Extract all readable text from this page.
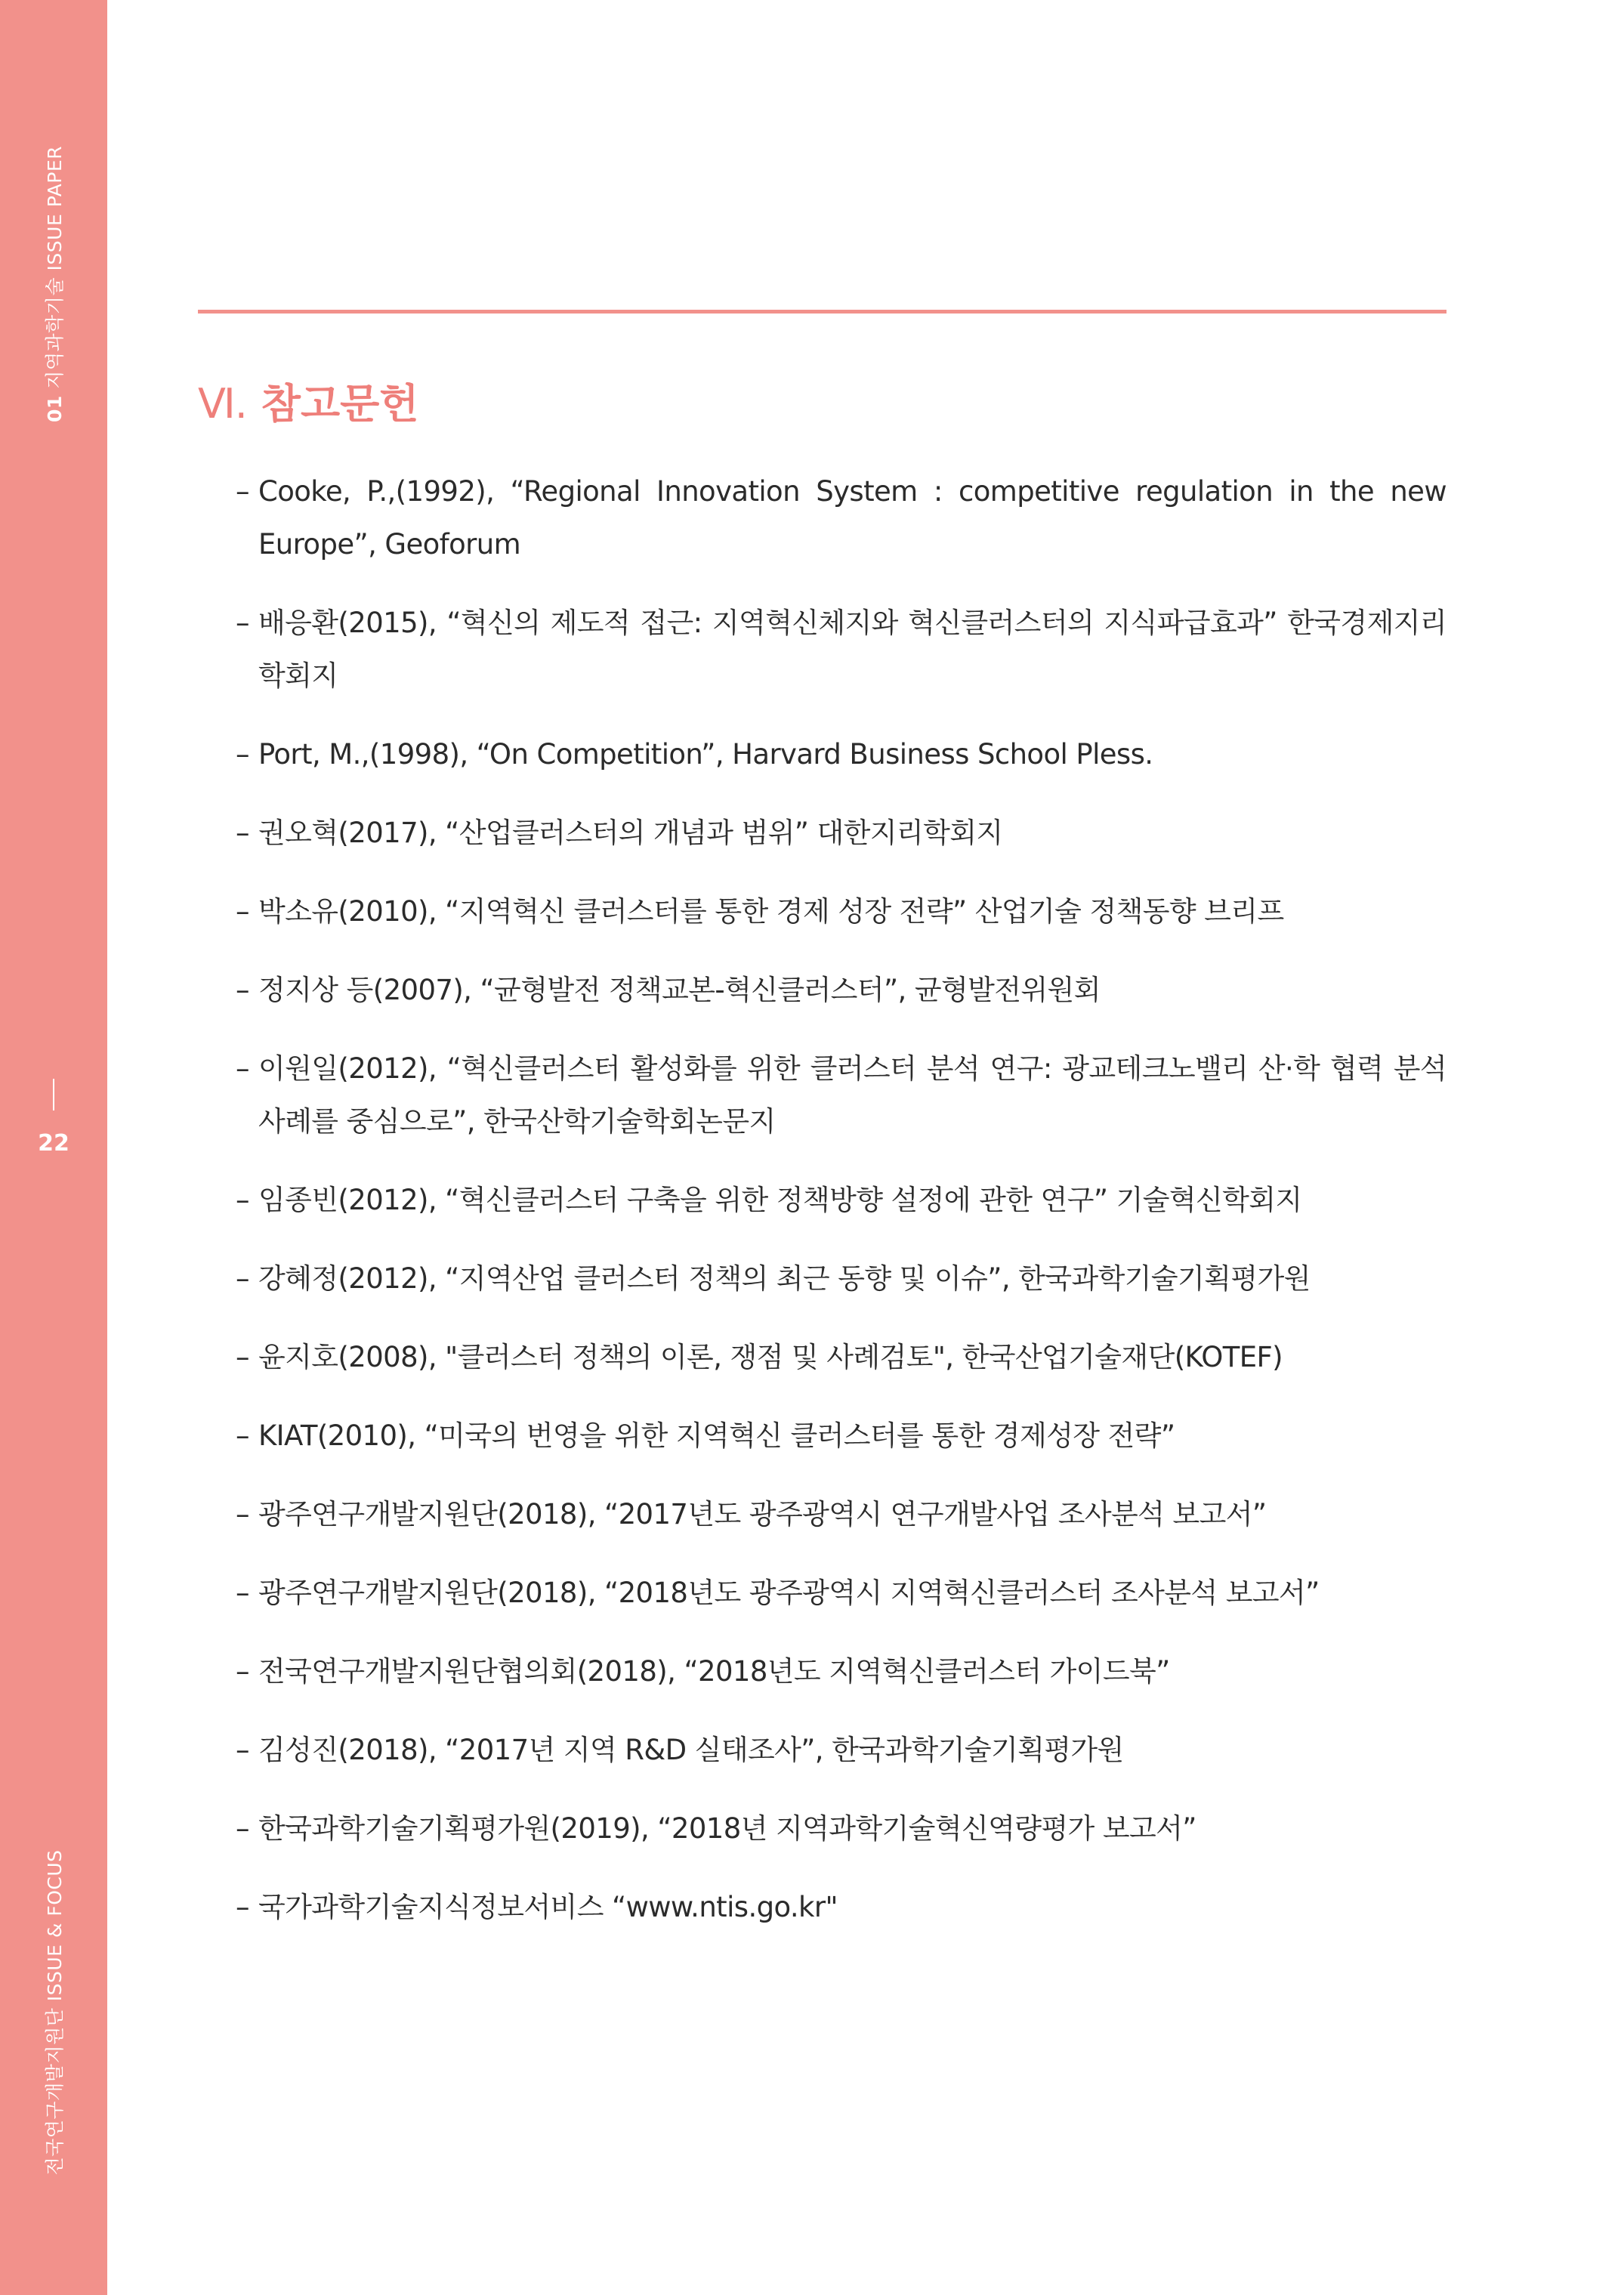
01 지역과학기술 ISSUE PAPER
22
전국연구개발지원단 ISSUE & FOCUS
Ⅵ. 참고문헌
– Cooke, P.,(1992), “Regional Innovation System : competitive regulation in the new Europe”, Geoforum
– 배응환(2015), “혁신의 제도적 접근: 지역혁신체지와 혁신클러스터의 지식파급효과” 한국경제지리학회지
– Port, M.,(1998), “On Competition”, Harvard Business School Pless.
– 권오혁(2017), “산업클러스터의 개념과 범위” 대한지리학회지
– 박소유(2010), “지역혁신 클러스터를 통한 경제 성장 전략” 산업기술 정책동향 브리프
– 정지상 등(2007), “균형발전 정책교본-혁신클러스터”, 균형발전위원회
– 이원일(2012), “혁신클러스터 활성화를 위한 클러스터 분석 연구: 광교테크노밸리 산·학 협력 분석사례를 중심으로”, 한국산학기술학회논문지
– 임종빈(2012), “혁신클러스터 구축을 위한 정책방향 설정에 관한 연구” 기술혁신학회지
– 강혜정(2012), “지역산업 클러스터 정책의 최근 동향 및 이슈”, 한국과학기술기획평가원
– 윤지호(2008), "클러스터 정책의 이론, 쟁점 및 사례검토", 한국산업기술재단(KOTEF)
– KIAT(2010), “미국의 번영을 위한 지역혁신 클러스터를 통한 경제성장 전략”
– 광주연구개발지원단(2018), “2017년도 광주광역시 연구개발사업 조사분석 보고서”
– 광주연구개발지원단(2018), “2018년도 광주광역시 지역혁신클러스터 조사분석 보고서”
– 전국연구개발지원단협의회(2018), “2018년도 지역혁신클러스터 가이드북”
– 김성진(2018), “2017년 지역 R&D 실태조사”, 한국과학기술기획평가원
– 한국과학기술기획평가원(2019), “2018년 지역과학기술혁신역량평가 보고서”
– 국가과학기술지식정보서비스 “www.ntis.go.kr"
